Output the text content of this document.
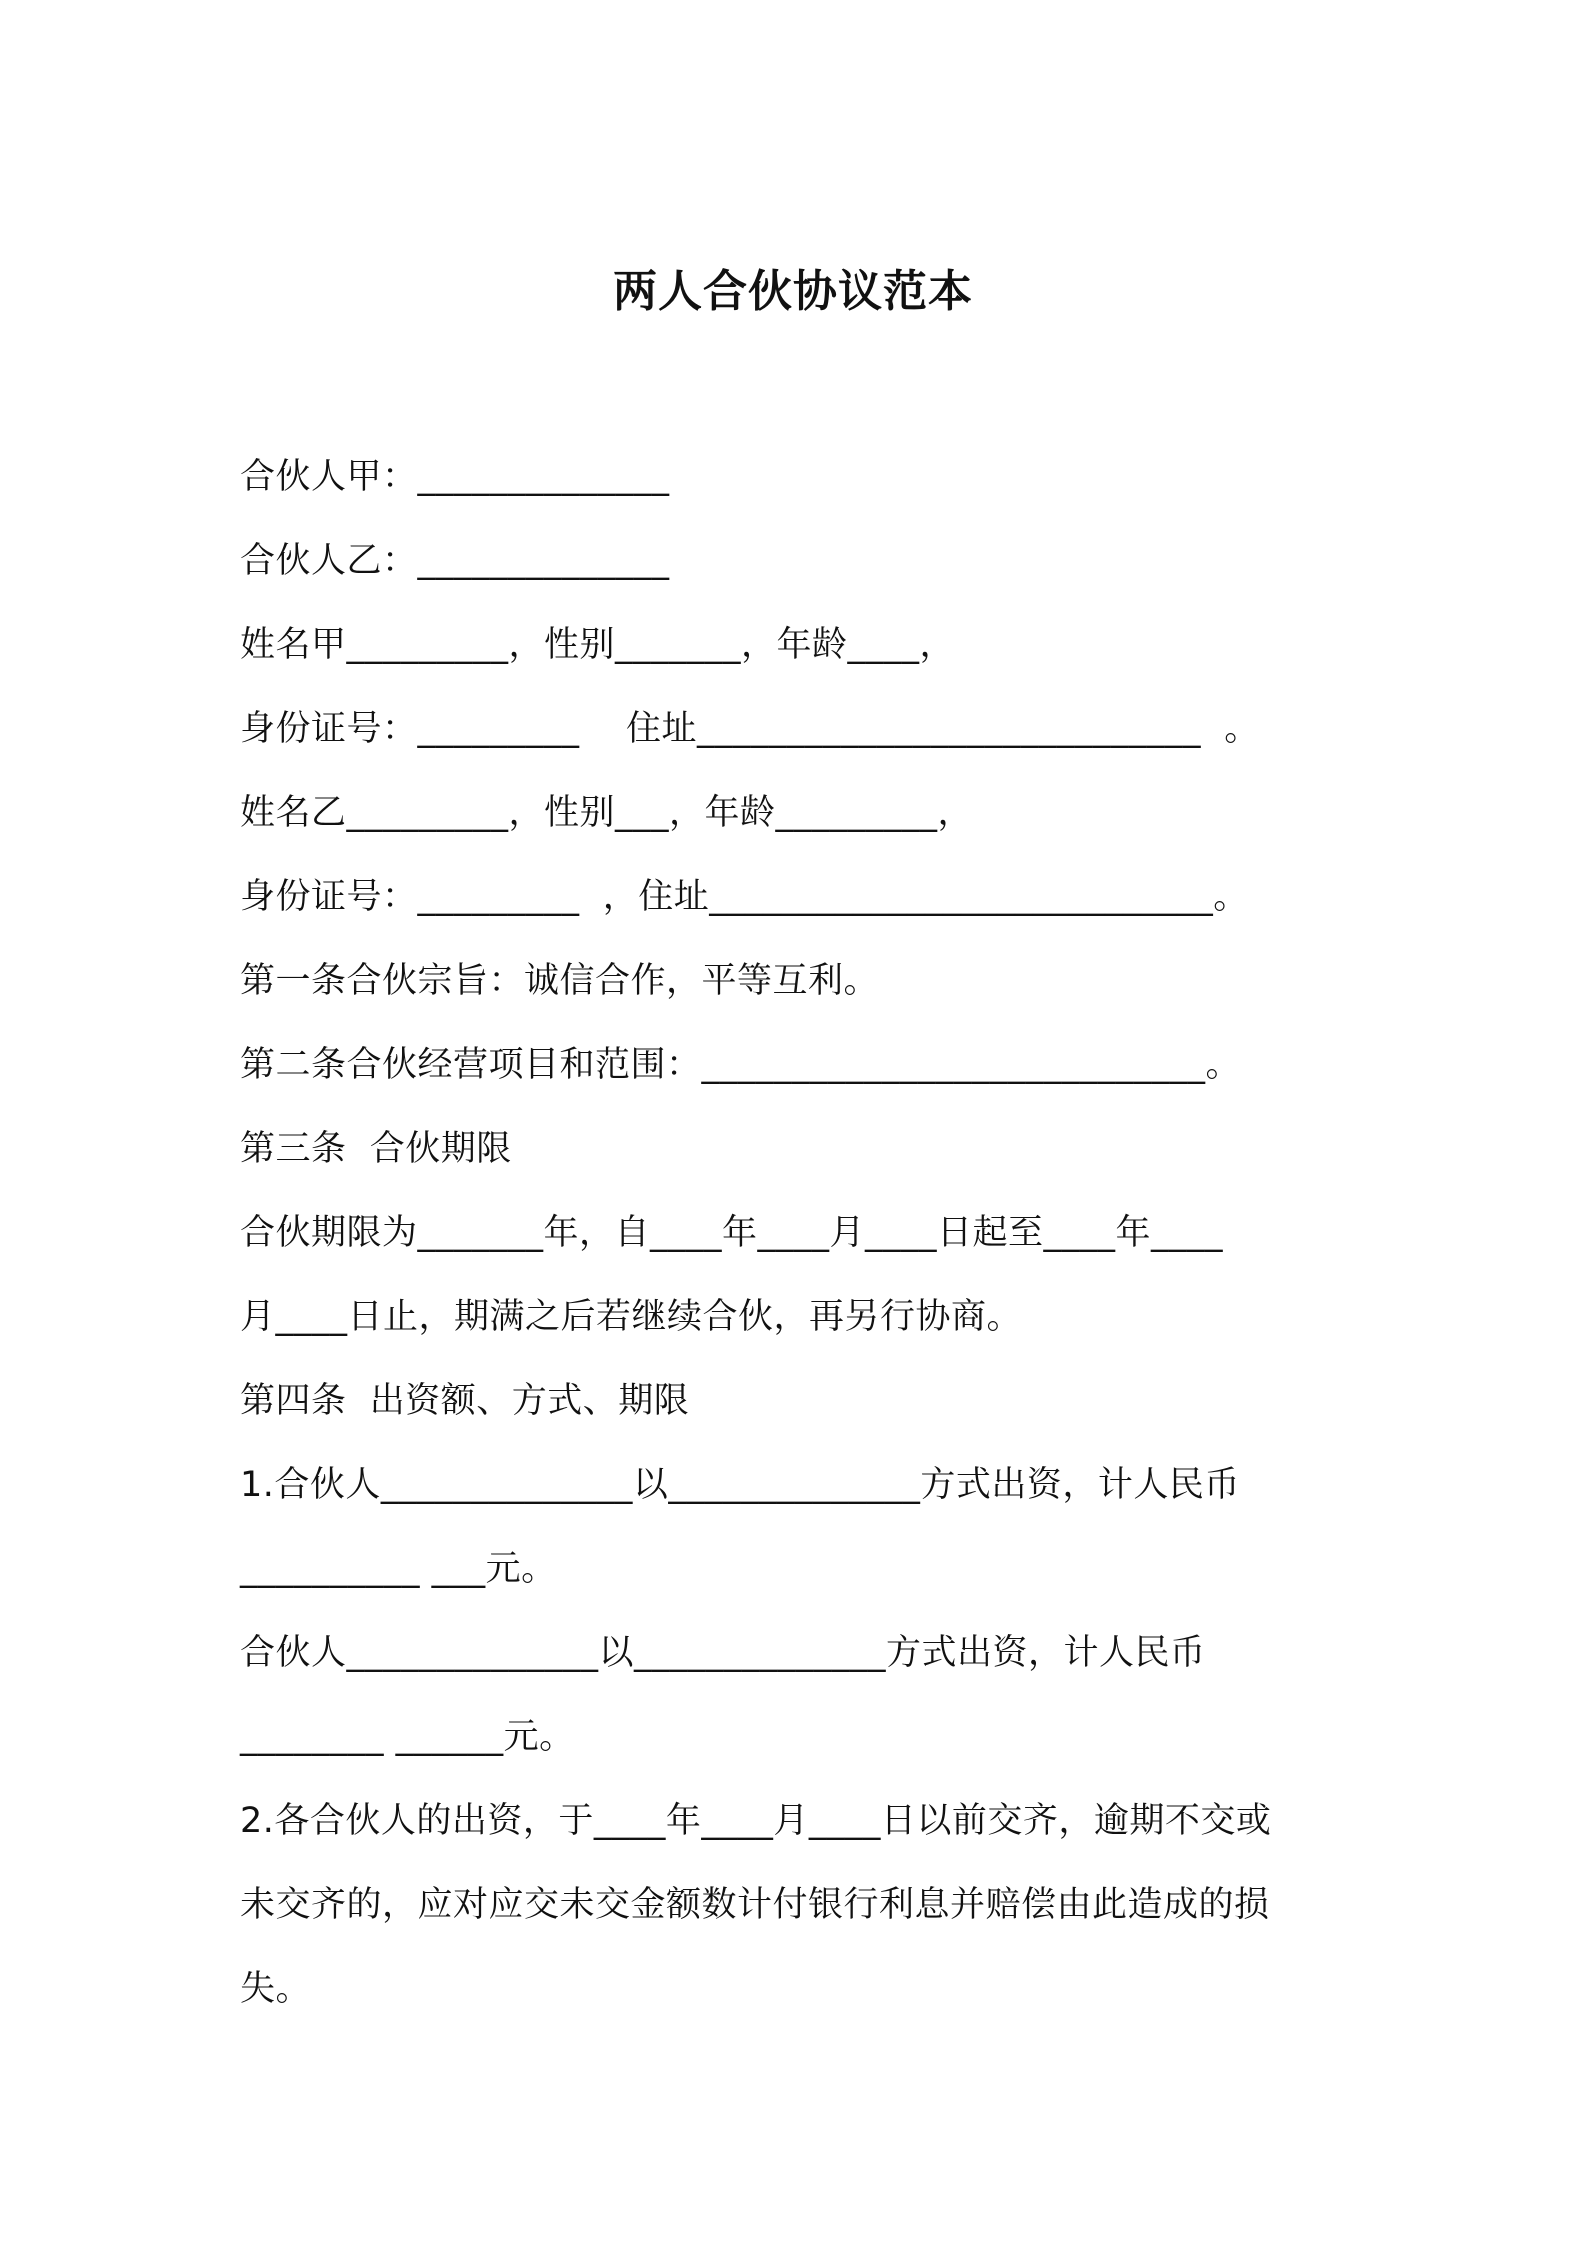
两人合伙协议范本
合伙人甲：______________
合伙人乙：______________
姓名甲_________，性别_______，年龄____，
身份证号：_________    住址____________________________  。
姓名乙_________，性别___，年龄_________，
身份证号：_________  ，住址____________________________。
第一条合伙宗旨：诚信合作，平等互利。
第二条合伙经营项目和范围：____________________________。
第三条  合伙期限
合伙期限为_______年，自____年____月____日起至____年____
月____日止，期满之后若继续合伙，再另行协商。
第四条  出资额、方式、期限
1.合伙人______________以______________方式出资，计人民币
__________ ___元。
合伙人______________以______________方式出资，计人民币
________ ______元。
2.各合伙人的出资，于____年____月____日以前交齐，逾期不交或
未交齐的，应对应交未交金额数计付银行利息并赔偿由此造成的损
失。
